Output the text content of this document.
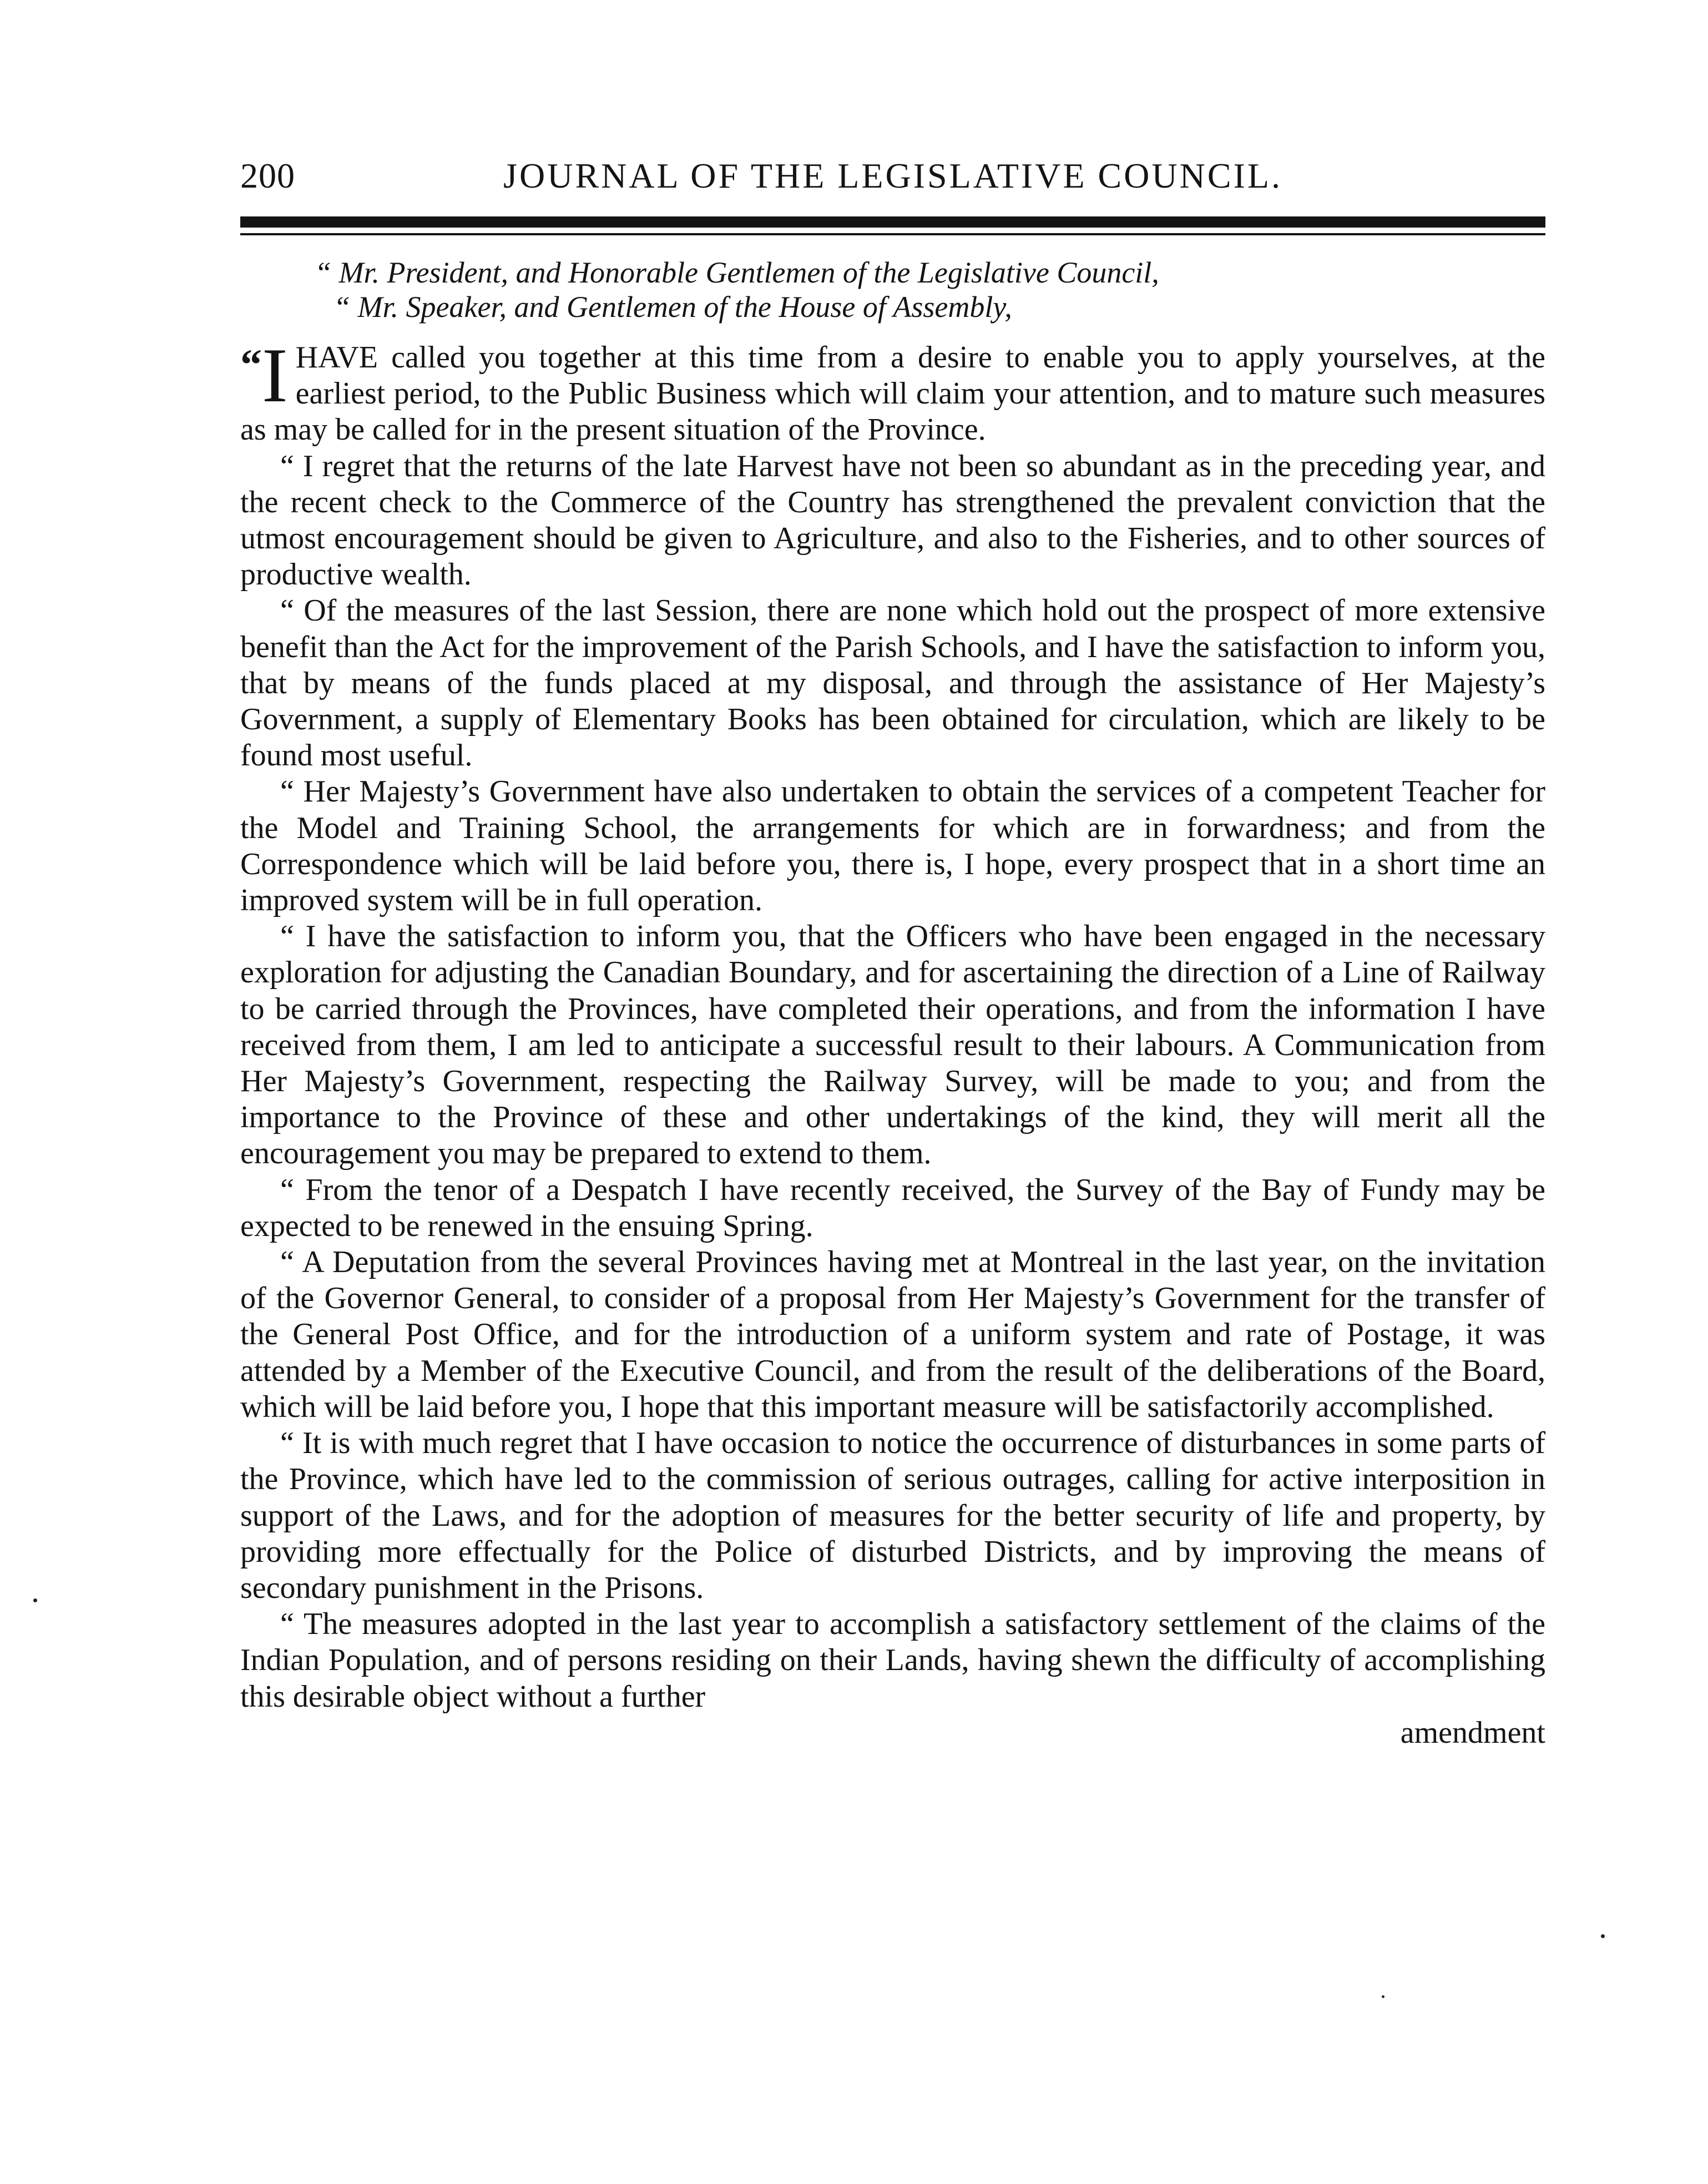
200	JOURNAL OF THE LEGISLATIVE COUNCIL.
“ Mr. President, and Honorable Gentlemen of the Legislative Council,
“ Mr. Speaker, and Gentlemen of the House of Assembly,

“I HAVE called you together at this time from a desire to enable you to apply yourselves, at the earliest period, to the Public Business which will claim your attention, and to mature such measures as may be called for in the present situation of the Province.

“ I regret that the returns of the late Harvest have not been so abundant as in the preceding year, and the recent check to the Commerce of the Country has strengthened the prevalent conviction that the utmost encouragement should be given to Agriculture, and also to the Fisheries, and to other sources of productive wealth.

“ Of the measures of the last Session, there are none which hold out the prospect of more extensive benefit than the Act for the improvement of the Parish Schools, and I have the satisfaction to inform you, that by means of the funds placed at my disposal, and through the assistance of Her Majesty’s Government, a supply of Elementary Books has been obtained for circulation, which are likely to be found most useful.

“ Her Majesty’s Government have also undertaken to obtain the services of a competent Teacher for the Model and Training School, the arrangements for which are in forwardness; and from the Correspondence which will be laid before you, there is, I hope, every prospect that in a short time an improved system will be in full operation.

“ I have the satisfaction to inform you, that the Officers who have been engaged in the necessary exploration for adjusting the Canadian Boundary, and for ascertaining the direction of a Line of Railway to be carried through the Provinces, have completed their operations, and from the information I have received from them, I am led to anticipate a successful result to their labours. A Communication from Her Majesty’s Government, respecting the Railway Survey, will be made to you; and from the importance to the Province of these and other undertakings of the kind, they will merit all the encouragement you may be prepared to extend to them.

“ From the tenor of a Despatch I have recently received, the Survey of the Bay of Fundy may be expected to be renewed in the ensuing Spring.

“ A Deputation from the several Provinces having met at Montreal in the last year, on the invitation of the Governor General, to consider of a proposal from Her Majesty’s Government for the transfer of the General Post Office, and for the introduction of a uniform system and rate of Postage, it was attended by a Member of the Executive Council, and from the result of the deliberations of the Board, which will be laid before you, I hope that this important measure will be satisfactorily accomplished.

“ It is with much regret that I have occasion to notice the occurrence of disturbances in some parts of the Province, which have led to the commission of serious outrages, calling for active interposition in support of the Laws, and for the adoption of measures for the better security of life and property, by providing more effectually for the Police of disturbed Districts, and by improving the means of secondary punishment in the Prisons.

“ The measures adopted in the last year to accomplish a satisfactory settlement of the claims of the Indian Population, and of persons residing on their Lands, having shewn the difficulty of accomplishing this desirable object without a further

amendment
